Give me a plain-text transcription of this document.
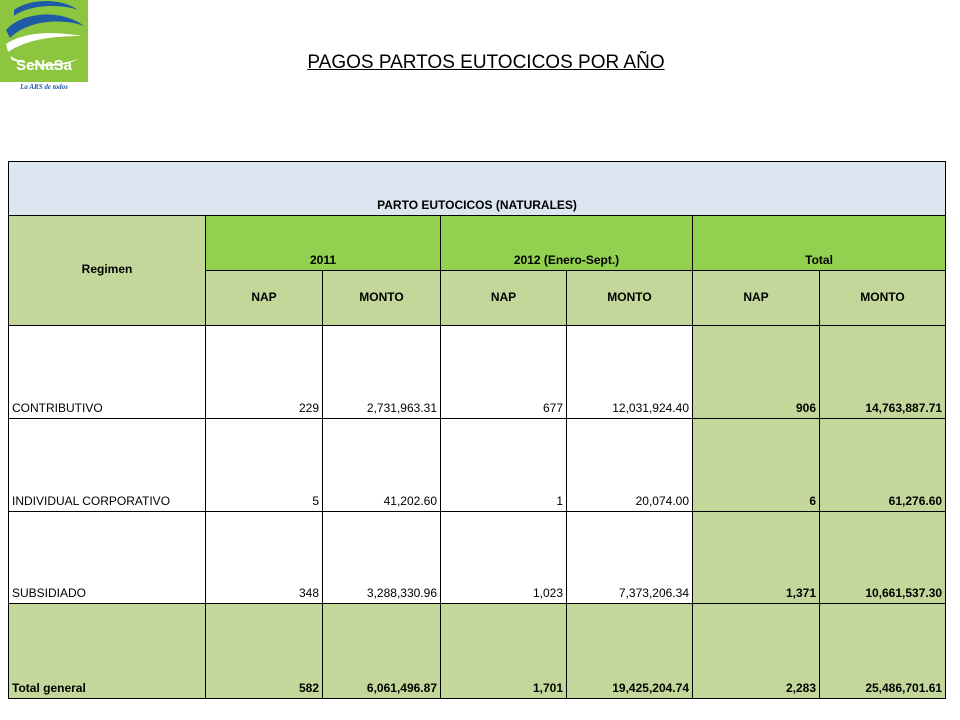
SeNaSa
La ARS de todos
PAGOS PARTOS EUTOCICOS POR AÑO
PARTO EUTOCICOS (NATURALES)						
Regimen	2011		2012 (Enero-Sept.)		Total	
	NAP	MONTO	NAP	MONTO	NAP	MONTO
CONTRIBUTIVO	229	2,731,963.31	677	12,031,924.40	906	14,763,887.71
INDIVIDUAL CORPORATIVO	5	41,202.60	1	20,074.00	6	61,276.60
SUBSIDIADO	348	3,288,330.96	1,023	7,373,206.34	1,371	10,661,537.30
Total general	582	6,061,496.87	1,701	19,425,204.74	2,283	25,486,701.61
